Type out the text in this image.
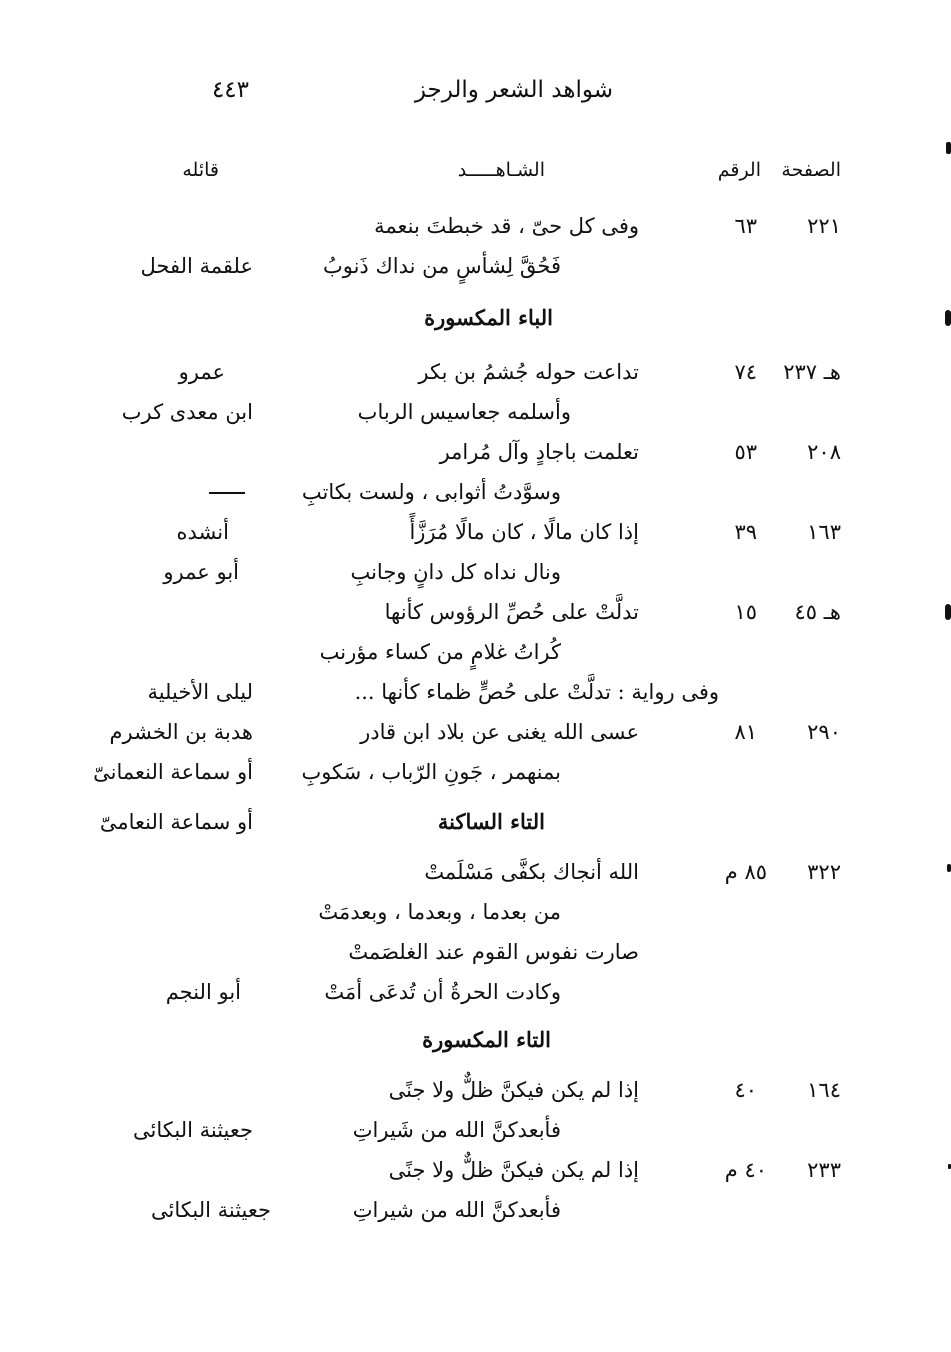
٤٤٣	شواهد الشعر والرجز
الصفحة
الرقم
الشـاهـــــد
قائله
٢٢١
٦٣
وفى كل حىّ ، قد خبطتَ بنعمة
فَحُقَّ لِشأسٍ من نداك ذَنوبُ
علقمة الفحل
الباء المكسورة
هـ ٢٣٧
٧٤
تداعت حوله جُشمُ بن بكر
عمرو
وأسلمه جعاسيس الرباب
ابن معدى كرب
٢٠٨
٥٣
تعلمت باجادٍ وآل مُرامر
وسوَّدتُ أثوابى ، ولست بكاتبِ
١٦٣
٣٩
إذا كان مالًا ، كان مالًا مُرَزَّأً
أنشده
ونال نداه كل دانٍ وجانبِ
أبو عمرو
هـ ٤٥
١٥
تدلَّتْ على حُصِّ الرؤوس كأنها
كُراتُ غلامٍ من كساء مؤرنب
وفى رواية : تدلَّتْ على حُصٍّ ظماء كأنها ...
ليلى الأخيلية
٢٩٠
٨١
عسى الله يغنى عن بلاد ابن قادر
هدبة بن الخشرم
بمنهمر ، جَونِ الرّباب ، سَكوبِ
أو سماعة النعمانىّ
التاء الساكنة
أو سماعة النعامىّ
٣٢٢
٨٥ م
الله أنجاك بكفَّى مَسْلَمتْ
من بعدما ، وبعدما ، وبعدمَتْ
صارت نفوس القوم عند الغلصَمتْ
وكادت الحرةُ أن تُدعَى أمَتْ
أبو النجم
التاء المكسورة
١٦٤
٤٠
إذا لم يكن فيكنَّ ظلٌّ ولا جنًى
فأبعدكنَّ الله من شَيراتِ
جعيثنة البكائى
٢٣٣
٤٠ م
إذا لم يكن فيكنَّ ظلٌّ ولا جنًى
فأبعدكنَّ الله من شيراتِ
جعيثنة البكائى
